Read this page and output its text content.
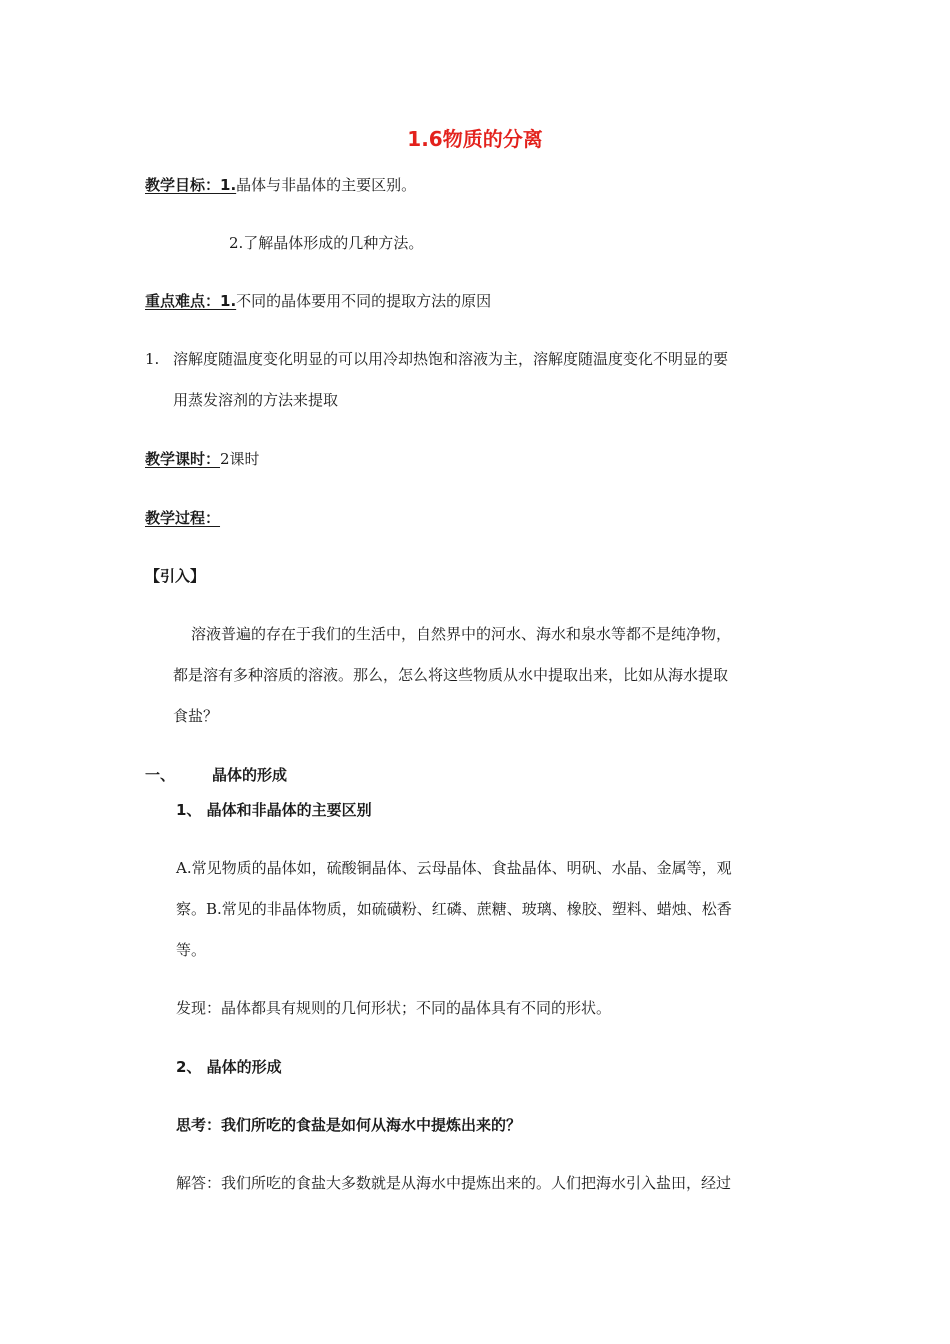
1.6物质的分离
教学目标：1.晶体与非晶体的主要区别。
2.了解晶体形成的几种方法。
重点难点：1.不同的晶体要用不同的提取方法的原因
1. 溶解度随温度变化明显的可以用冷却热饱和溶液为主，溶解度随温度变化不明显的要
用蒸发溶剂的方法来提取
教学课时：2课时
教学过程：
【引入】
溶液普遍的存在于我们的生活中，自然界中的河水、海水和泉水等都不是纯净物，
都是溶有多种溶质的溶液。那么，怎么将这些物质从水中提取出来，比如从海水提取
食盐？
一、 晶体的形成
1、 晶体和非晶体的主要区别
A.常见物质的晶体如，硫酸铜晶体、云母晶体、食盐晶体、明矾、水晶、金属等，观
察。B.常见的非晶体物质，如硫磺粉、红磷、蔗糖、玻璃、橡胶、塑料、蜡烛、松香
等。
发现：晶体都具有规则的几何形状；不同的晶体具有不同的形状。
2、 晶体的形成
思考：我们所吃的食盐是如何从海水中提炼出来的？
解答：我们所吃的食盐大多数就是从海水中提炼出来的。人们把海水引入盐田，经过
